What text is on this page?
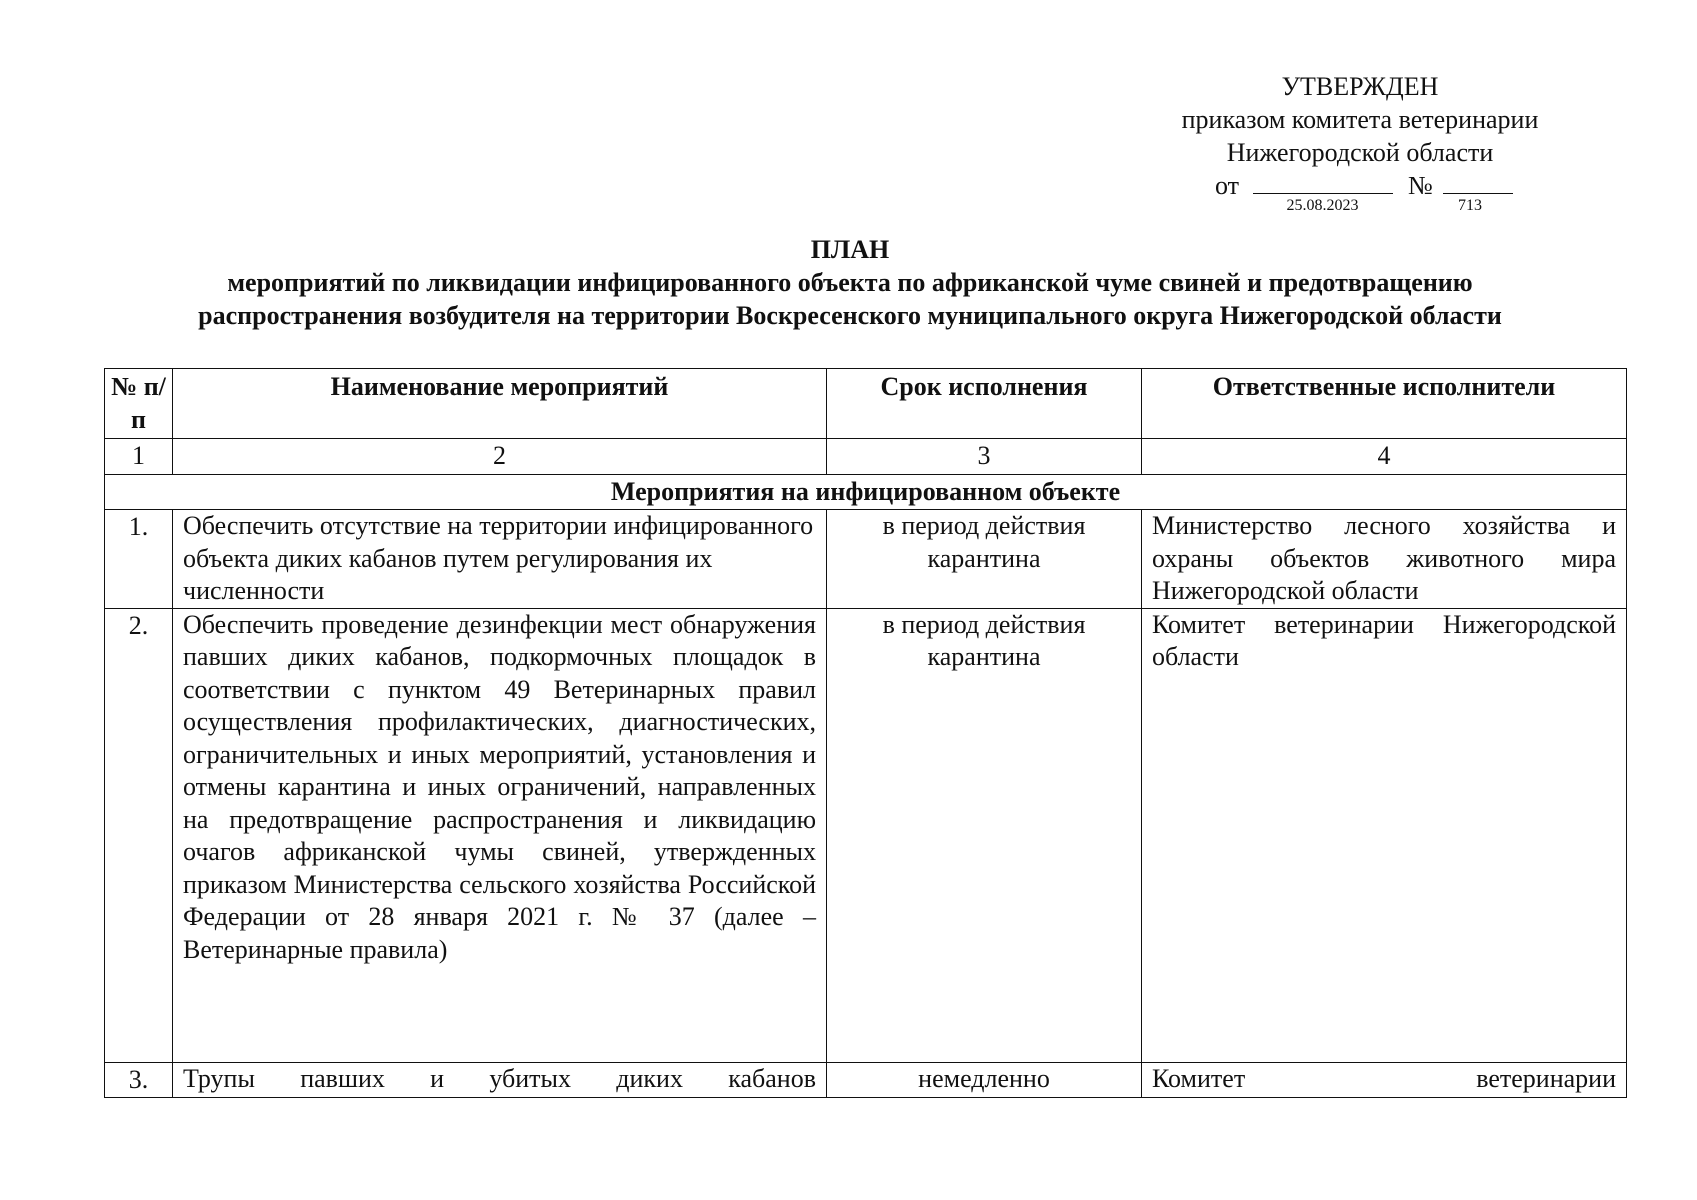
УТВЕРЖДЕН
приказом комитета ветеринарии
Нижегородской области
от
25.08.2023
№
713
ПЛАН
мероприятий по ликвидации инфицированного объекта по африканской чуме свиней и предотвращению
распространения возбудителя на территории Воскресенского муниципального округа Нижегородской области
№ п/п	Наименование мероприятий	Срок исполнения	Ответственные исполнители
1	2	3	4
Мероприятия на инфицированном объекте			
1.	Обеспечить отсутствие на территории инфицированного объекта диких кабанов путем регулирования их численности	в период действия карантина	Министерство лесного хозяйства и охраны объектов животного мира Нижегородской области
2.	Обеспечить проведение дезинфекции мест обнаружения павших диких кабанов, подкормочных площадок в соответствии с пунктом 49 Ветеринарных правил осуществления профилактических, диагностических, ограничительных и иных мероприятий, установления и отмены карантина и иных ограничений, направленных на предотвращение распространения и ликвидацию очагов африканской чумы свиней, утвержденных приказом Министерства сельского хозяйства Российской Федерации от 28 января 2021 г. № 37 (далее – Ветеринарные правила)	в период действия карантина	Комитет ветеринарии Нижегородской области
3.	Трупы павших и убитых диких кабанов	немедленно	Комитет ветеринарии
